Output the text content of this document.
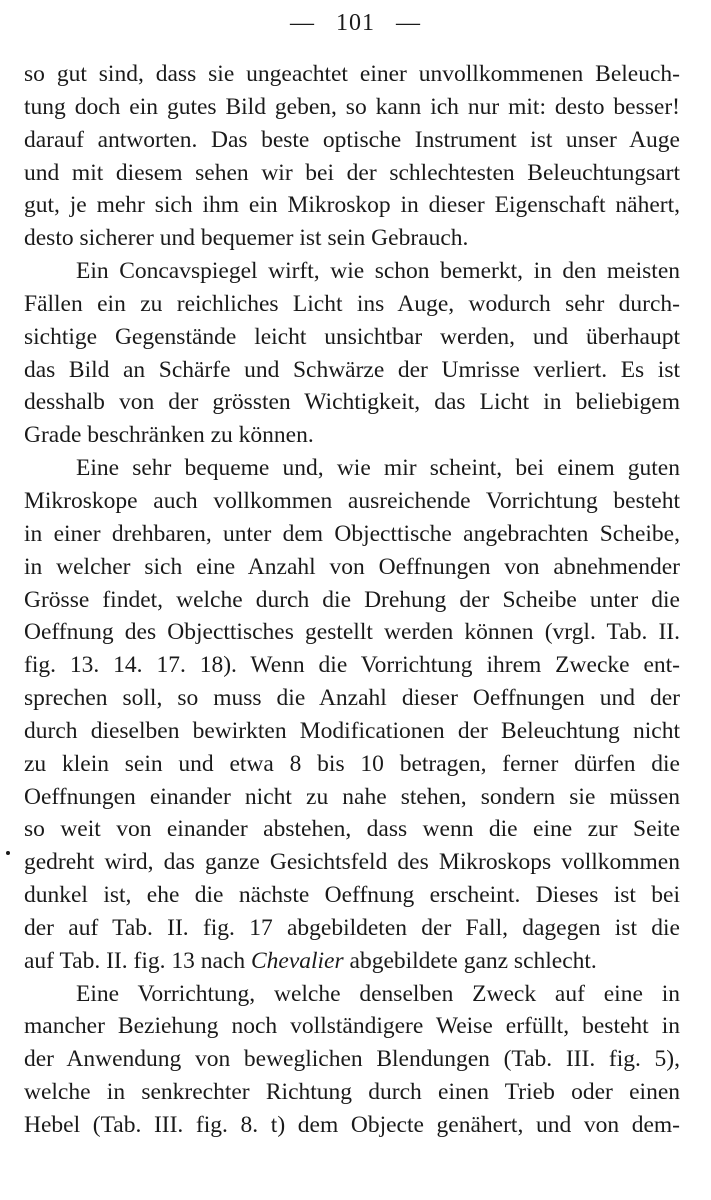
— 101 —
so gut sind, dass sie ungeachtet einer unvollkommenen Beleuch-
tung doch ein gutes Bild geben, so kann ich nur mit: desto besser!
darauf antworten. Das beste optische Instrument ist unser Auge
und mit diesem sehen wir bei der schlechtesten Beleuchtungsart
gut, je mehr sich ihm ein Mikroskop in dieser Eigenschaft nähert,
desto sicherer und bequemer ist sein Gebrauch.
Ein Concavspiegel wirft, wie schon bemerkt, in den meisten
Fällen ein zu reichliches Licht ins Auge, wodurch sehr durch-
sichtige Gegenstände leicht unsichtbar werden, und überhaupt
das Bild an Schärfe und Schwärze der Umrisse verliert. Es ist
desshalb von der grössten Wichtigkeit, das Licht in beliebigem
Grade beschränken zu können.
Eine sehr bequeme und, wie mir scheint, bei einem guten
Mikroskope auch vollkommen ausreichende Vorrichtung besteht
in einer drehbaren, unter dem Objecttische angebrachten Scheibe,
in welcher sich eine Anzahl von Oeffnungen von abnehmender
Grösse findet, welche durch die Drehung der Scheibe unter die
Oeffnung des Objecttisches gestellt werden können (vrgl. Tab. II.
fig. 13. 14. 17. 18). Wenn die Vorrichtung ihrem Zwecke ent-
sprechen soll, so muss die Anzahl dieser Oeffnungen und der
durch dieselben bewirkten Modificationen der Beleuchtung nicht
zu klein sein und etwa 8 bis 10 betragen, ferner dürfen die
Oeffnungen einander nicht zu nahe stehen, sondern sie müssen
so weit von einander abstehen, dass wenn die eine zur Seite
gedreht wird, das ganze Gesichtsfeld des Mikroskops vollkommen
dunkel ist, ehe die nächste Oeffnung erscheint. Dieses ist bei
der auf Tab. II. fig. 17 abgebildeten der Fall, dagegen ist die
auf Tab. II. fig. 13 nach Chevalier abgebildete ganz schlecht.
Eine Vorrichtung, welche denselben Zweck auf eine in
mancher Beziehung noch vollständigere Weise erfüllt, besteht in
der Anwendung von beweglichen Blendungen (Tab. III. fig. 5),
welche in senkrechter Richtung durch einen Trieb oder einen
Hebel (Tab. III. fig. 8. t) dem Objecte genähert, und von dem-
